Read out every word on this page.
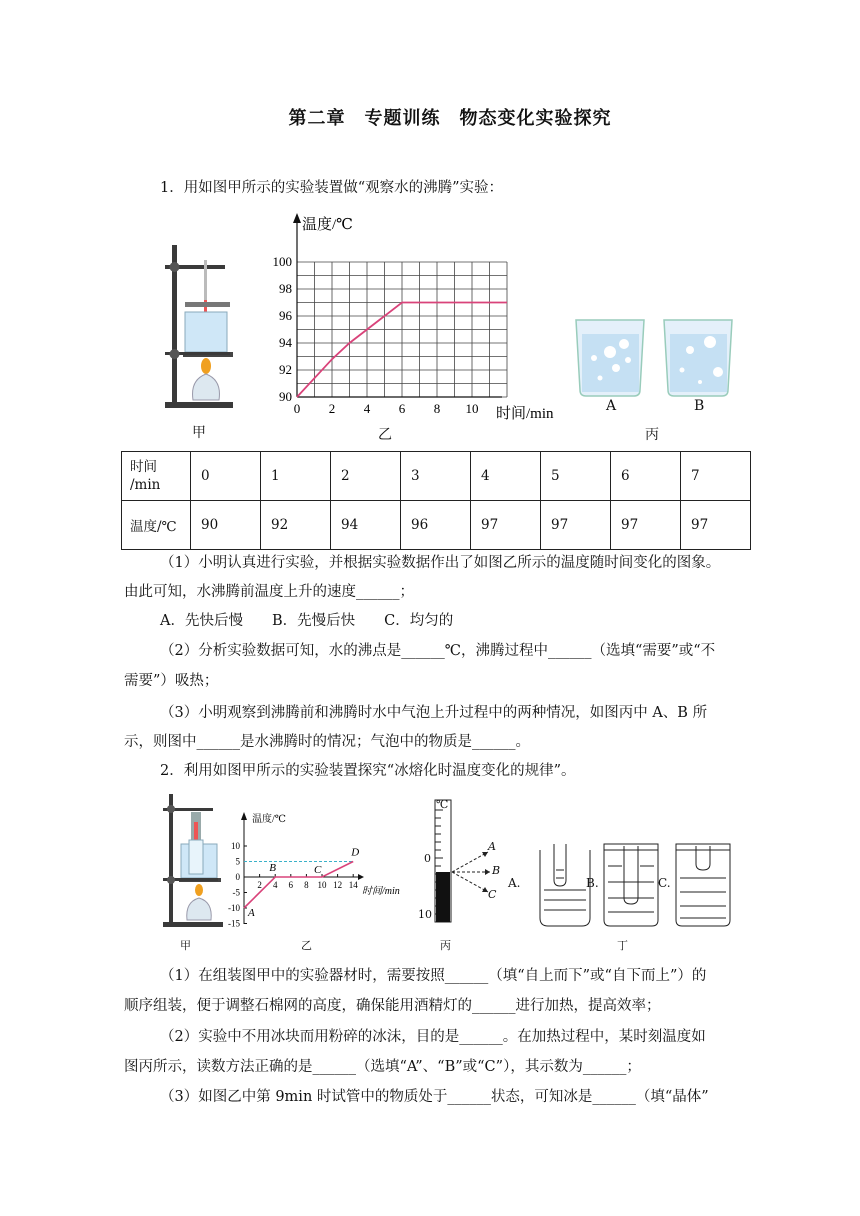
第二章　专题训练　物态变化实验探究
1．用如图甲所示的实验装置做“观察水的沸腾”实验：
甲
90
92
94
96
98
100
0 2 4 6 8 10
温度/℃
时间/min
乙
A	B
丙
时间
/min	0	1	2	3	4	5	6	7
温度/℃	90	92	94	96	97	97	97	97
（1）小明认真进行实验，并根据实验数据作出了如图乙所示的温度随时间变化的图象。
由此可知，水沸腾前温度上升的速度______；
A．先快后慢　　B．先慢后快　　C．均匀的
（2）分析实验数据可知，水的沸点是______℃，沸腾过程中______（选填“需要”或“不
需要”）吸热；
（3）小明观察到沸腾前和沸腾时水中气泡上升过程中的两种情况，如图丙中 A、B 所
示，则图中______是水沸腾时的情况；气泡中的物质是______。
2．利用如图甲所示的实验装置探究“冰熔化时温度变化的规律”。
甲
10
5
0
-5
-10
-15
2 4 6 8 10 12 14
温度/℃
时间/min
A
B	C
D
乙
℃
0
10
A
B
C
丙
A.	B.	C.
丁
（1）在组装图甲中的实验器材时，需要按照______（填“自上而下”或“自下而上”）的
顺序组装，便于调整石棉网的高度，确保能用酒精灯的______进行加热，提高效率；
（2）实验中不用冰块而用粉碎的冰沫，目的是______。在加热过程中，某时刻温度如
图丙所示，读数方法正确的是______（选填“A”、“B”或“C”），其示数为______；
（3）如图乙中第 9min 时试管中的物质处于______状态，可知冰是______（填“晶体”
